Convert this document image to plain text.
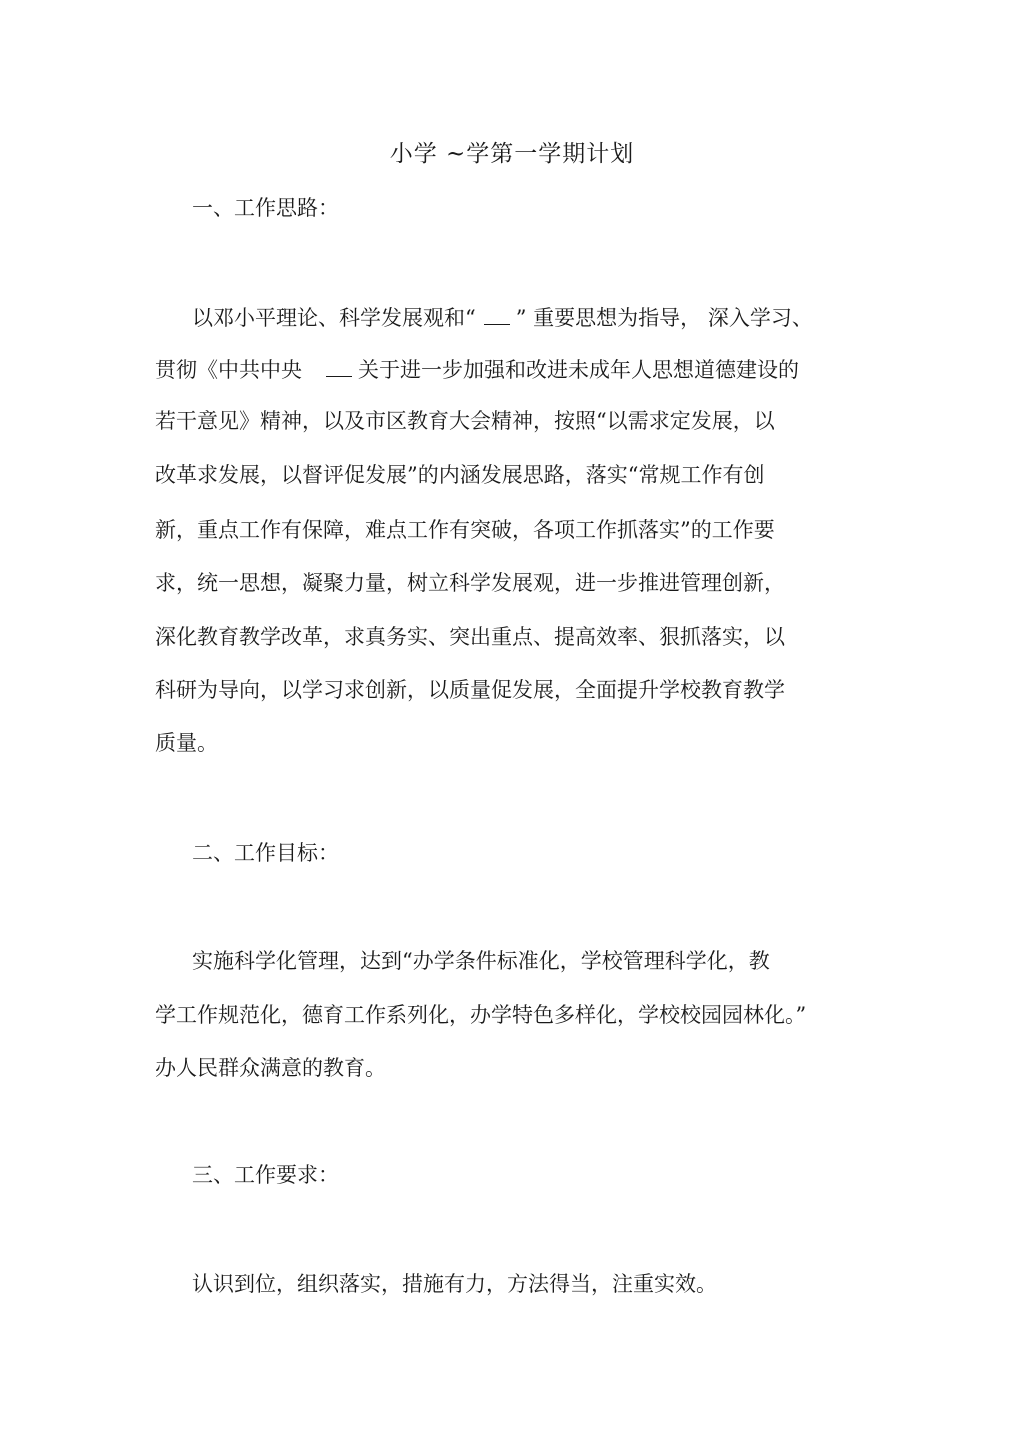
小学 ~学第一学期计划
一、工作思路：
以邓小平理论、科学发展观和“ ” 重要思想为指导， 深入学习、
贯彻《中共中央	关于进一步加强和改进未成年人思想道德建设的
若干意见》精神，以及市区教育大会精神，按照“以需求定发展，以
改革求发展，以督评促发展”的内涵发展思路，落实“常规工作有创
新，重点工作有保障，难点工作有突破，各项工作抓落实”的工作要
求，统一思想，凝聚力量，树立科学发展观，进一步推进管理创新，
深化教育教学改革，求真务实、突出重点、提高效率、狠抓落实，以
科研为导向，以学习求创新，以质量促发展，全面提升学校教育教学
质量。
二、工作目标：
实施科学化管理，达到“办学条件标准化，学校管理科学化，教
学工作规范化，德育工作系列化，办学特色多样化，学校校园园林化。”
办人民群众满意的教育。
三、工作要求：
认识到位，组织落实，措施有力，方法得当，注重实效。
